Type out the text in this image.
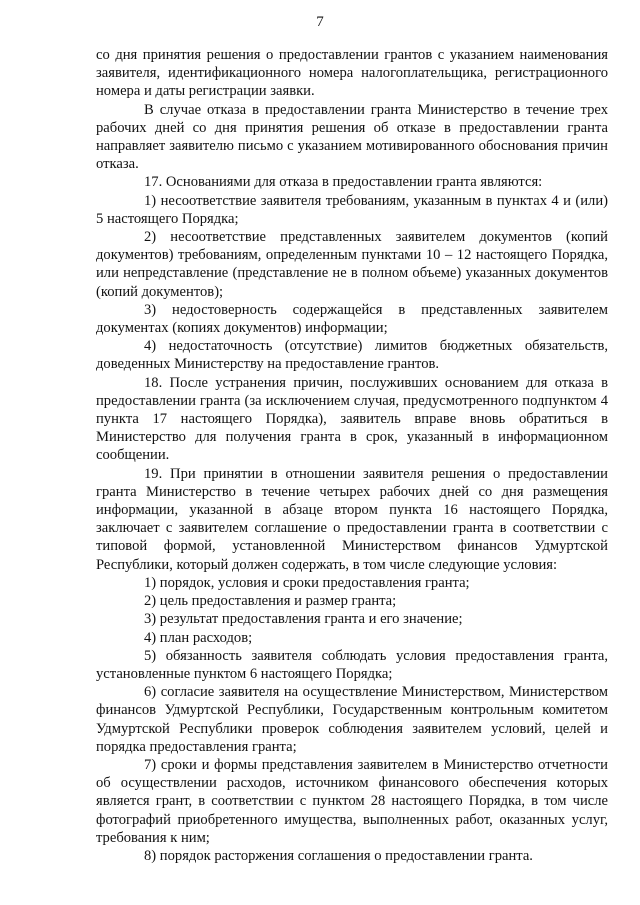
7

со дня принятия решения о предоставлении грантов с указанием наименования заявителя, идентификационного номера налогоплательщика, регистрационного номера и даты регистрации заявки.

В случае отказа в предоставлении гранта Министерство в течение трех рабочих дней со дня принятия решения об отказе в предоставлении гранта направляет заявителю письмо с указанием мотивированного обоснования причин отказа.

17. Основаниями для отказа в предоставлении гранта являются:

1) несоответствие заявителя требованиям, указанным в пунктах 4 и (или) 5 настоящего Порядка;

2) несоответствие представленных заявителем документов (копий документов) требованиям, определенным пунктами 10 – 12 настоящего Порядка, или непредставление (представление не в полном объеме) указанных документов (копий документов);

3) недостоверность содержащейся в представленных заявителем документах (копиях документов) информации;

4) недостаточность (отсутствие) лимитов бюджетных обязательств, доведенных Министерству на предоставление грантов.

18. После устранения причин, послуживших основанием для отказа в предоставлении гранта (за исключением случая, предусмотренного подпунктом 4 пункта 17 настоящего Порядка), заявитель вправе вновь обратиться в Министерство для получения гранта в срок, указанный в информационном сообщении.

19. При принятии в отношении заявителя решения о предоставлении гранта Министерство в течение четырех рабочих дней со дня размещения информации, указанной в абзаце втором пункта 16 настоящего Порядка, заключает с заявителем соглашение о предоставлении гранта в соответствии с типовой формой, установленной Министерством финансов Удмуртской Республики, который должен содержать, в том числе следующие условия:

1) порядок, условия и сроки предоставления гранта;

2) цель предоставления и размер гранта;

3) результат предоставления гранта и его значение;

4) план расходов;

5) обязанность заявителя соблюдать условия предоставления гранта, установленные пунктом 6 настоящего Порядка;

6) согласие заявителя на осуществление Министерством, Министерством финансов Удмуртской Республики, Государственным контрольным комитетом Удмуртской Республики проверок соблюдения заявителем условий, целей и порядка предоставления гранта;

7) сроки и формы представления заявителем в Министерство отчетности об осуществлении расходов, источником финансового обеспечения которых является грант, в соответствии с пунктом 28 настоящего Порядка, в том числе фотографий приобретенного имущества, выполненных работ, оказанных услуг, требования к ним;

8) порядок расторжения соглашения о предоставлении гранта.
